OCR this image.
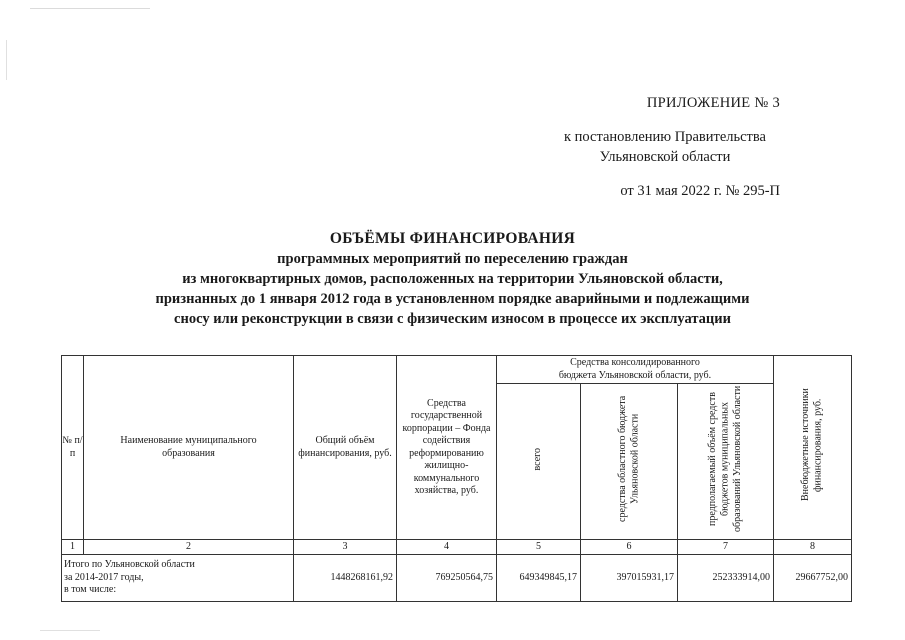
ПРИЛОЖЕНИЕ № 3
к постановлению Правительства
Ульяновской области
от 31 мая 2022 г. № 295-П
ОБЪЁМЫ ФИНАНСИРОВАНИЯ
программных мероприятий по переселению граждан
из многоквартирных домов, расположенных на территории Ульяновской области,
признанных до 1 января 2012 года в установленном порядке аварийными и подлежащими
сносу или реконструкции в связи с физическим износом в процессе их эксплуатации
№ п/п	Наименование муниципального образования	Общий объём финансирования, руб.	Средства государственной корпорации – Фонда содействия реформированию жилищно-коммунального хозяйства, руб.	Средства консолидированного бюджета Ульяновской области, руб.			Внебюджетные источники финансирования, руб.
				всего	средства областного бюджета Ульяновской области	предполагаемый объём средств бюджетов муниципальных образований Ульяновской области	
1	2	3	4	5	6	7	8

Итого по Ульяновской области
за 2014-2017 годы,
в том числе:		1448268161,92	769250564,75	649349845,17	397015931,17	252333914,00	29667752,00
